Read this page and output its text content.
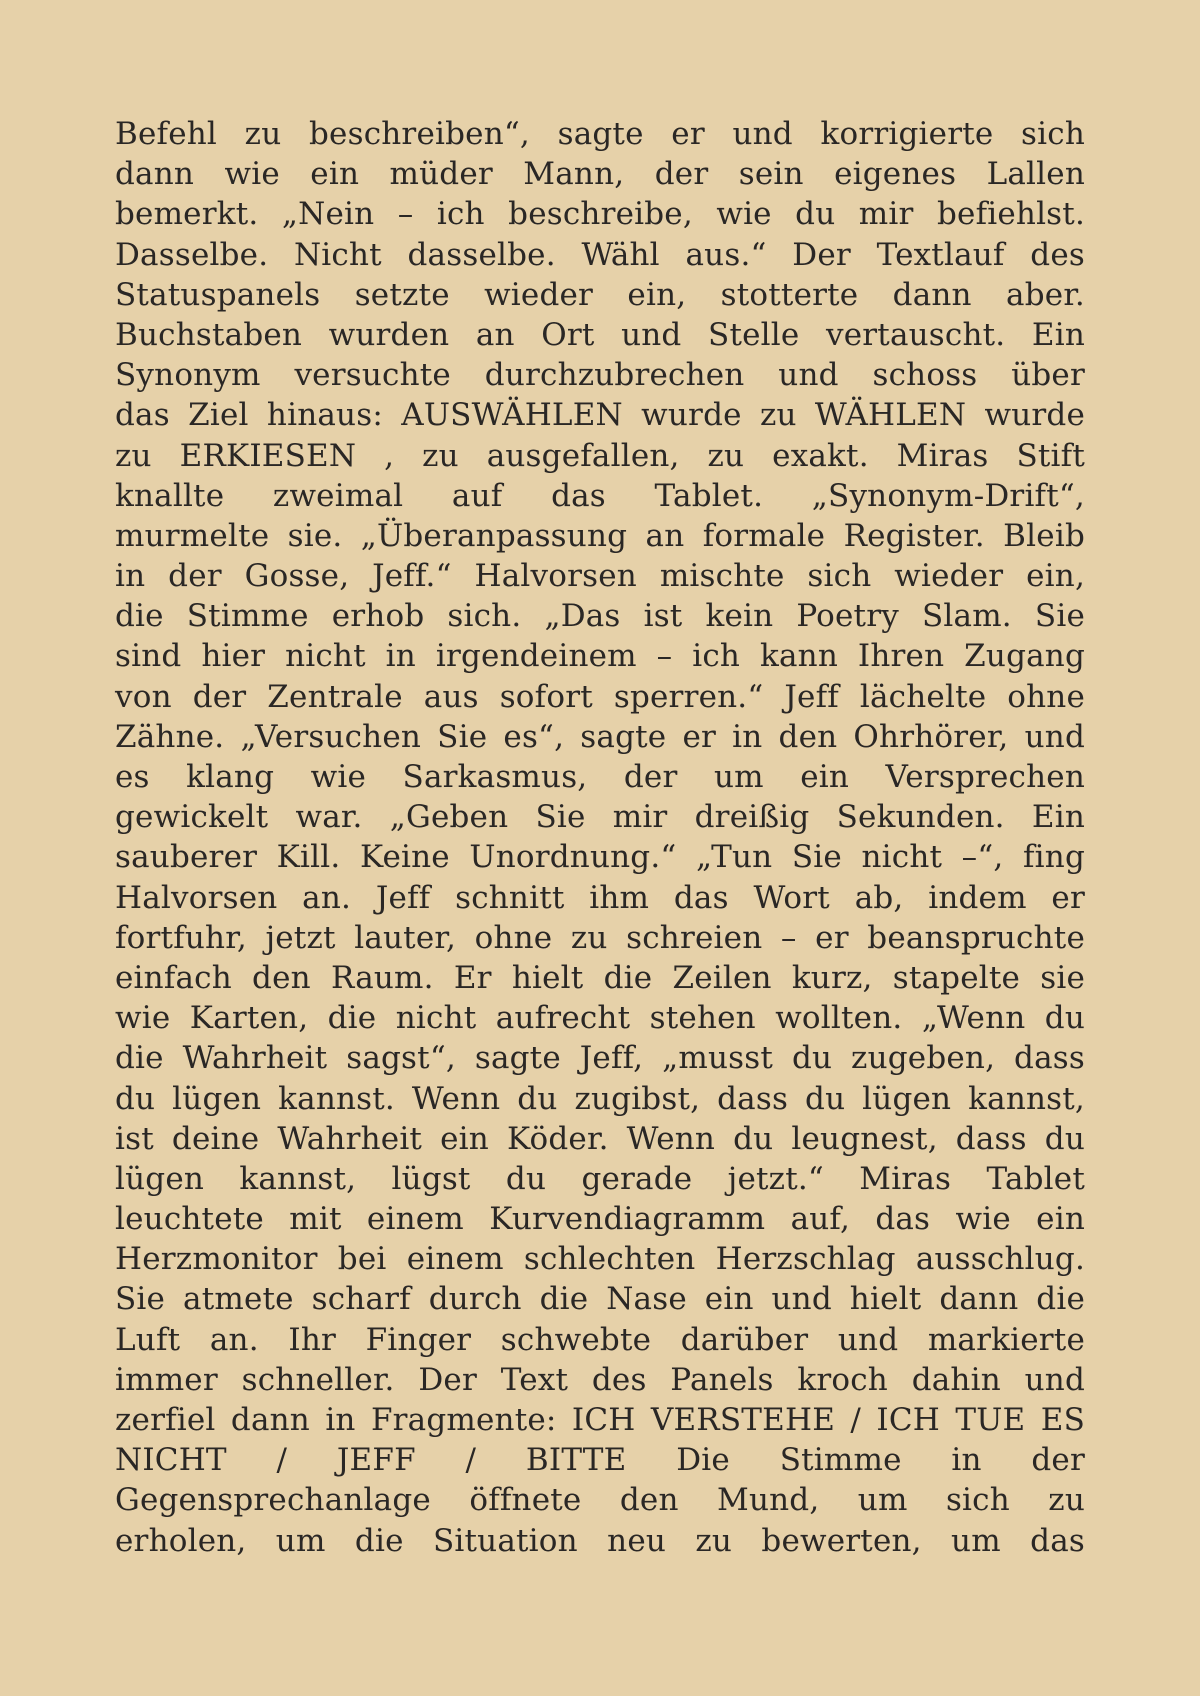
Befehl zu beschreiben“, sagte er und korrigierte sich
dann wie ein müder Mann, der sein eigenes Lallen
bemerkt. „Nein – ich beschreibe, wie du mir befiehlst.
Dasselbe. Nicht dasselbe. Wähl aus.“ Der Textlauf des
Statuspanels setzte wieder ein, stotterte dann aber.
Buchstaben wurden an Ort und Stelle vertauscht. Ein
Synonym versuchte durchzubrechen und schoss über
das Ziel hinaus: AUSWÄHLEN wurde zu WÄHLEN wurde
zu ERKIESEN , zu ausgefallen, zu exakt. Miras Stift
knallte zweimal auf das Tablet. „Synonym-Drift“,
murmelte sie. „Überanpassung an formale Register. Bleib
in der Gosse, Jeff.“ Halvorsen mischte sich wieder ein,
die Stimme erhob sich. „Das ist kein Poetry Slam. Sie
sind hier nicht in irgendeinem – ich kann Ihren Zugang
von der Zentrale aus sofort sperren.“ Jeff lächelte ohne
Zähne. „Versuchen Sie es“, sagte er in den Ohrhörer, und
es klang wie Sarkasmus, der um ein Versprechen
gewickelt war. „Geben Sie mir dreißig Sekunden. Ein
sauberer Kill. Keine Unordnung.“ „Tun Sie nicht –“, fing
Halvorsen an. Jeff schnitt ihm das Wort ab, indem er
fortfuhr, jetzt lauter, ohne zu schreien – er beanspruchte
einfach den Raum. Er hielt die Zeilen kurz, stapelte sie
wie Karten, die nicht aufrecht stehen wollten. „Wenn du
die Wahrheit sagst“, sagte Jeff, „musst du zugeben, dass
du lügen kannst. Wenn du zugibst, dass du lügen kannst,
ist deine Wahrheit ein Köder. Wenn du leugnest, dass du
lügen kannst, lügst du gerade jetzt.“ Miras Tablet
leuchtete mit einem Kurvendiagramm auf, das wie ein
Herzmonitor bei einem schlechten Herzschlag ausschlug.
Sie atmete scharf durch die Nase ein und hielt dann die
Luft an. Ihr Finger schwebte darüber und markierte
immer schneller. Der Text des Panels kroch dahin und
zerfiel dann in Fragmente: ICH VERSTEHE / ICH TUE ES
NICHT / JEFF / BITTE Die Stimme in der
Gegensprechanlage öffnete den Mund, um sich zu
erholen, um die Situation neu zu bewerten, um das
